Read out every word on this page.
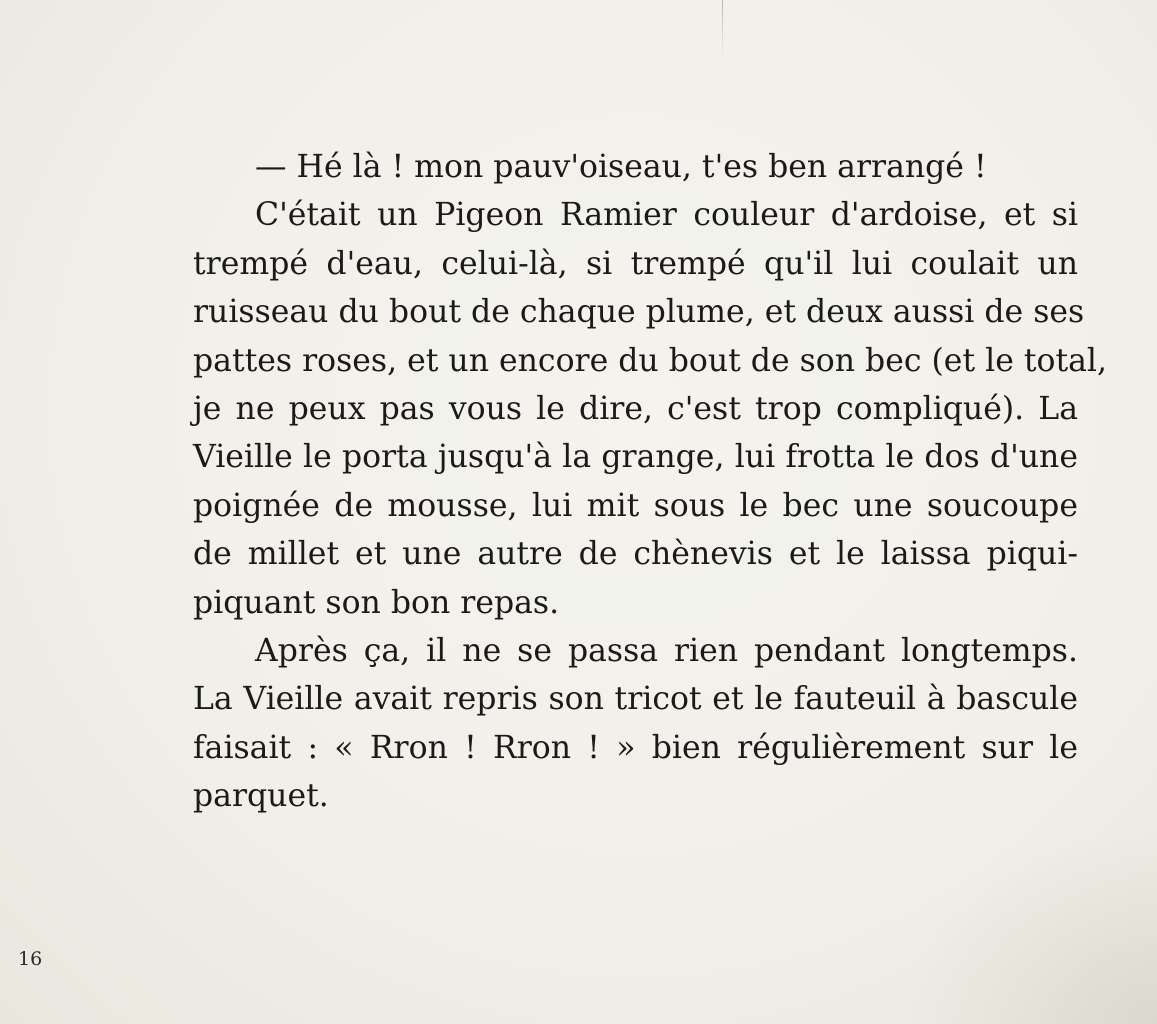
— Hé là ! mon pauv'oiseau, t'es ben arrangé !
C'était un Pigeon Ramier couleur d'ardoise, et si
trempé d'eau, celui-là, si trempé qu'il lui coulait un
ruisseau du bout de chaque plume, et deux aussi de ses
pattes roses, et un encore du bout de son bec (et le total,
je ne peux pas vous le dire, c'est trop compliqué). La
Vieille le porta jusqu'à la grange, lui frotta le dos d'une
poignée de mousse, lui mit sous le bec une soucoupe
de millet et une autre de chènevis et le laissa piqui-
piquant son bon repas.
Après ça, il ne se passa rien pendant longtemps.
La Vieille avait repris son tricot et le fauteuil à bascule
faisait : « Rron ! Rron ! » bien régulièrement sur le
parquet.
16
